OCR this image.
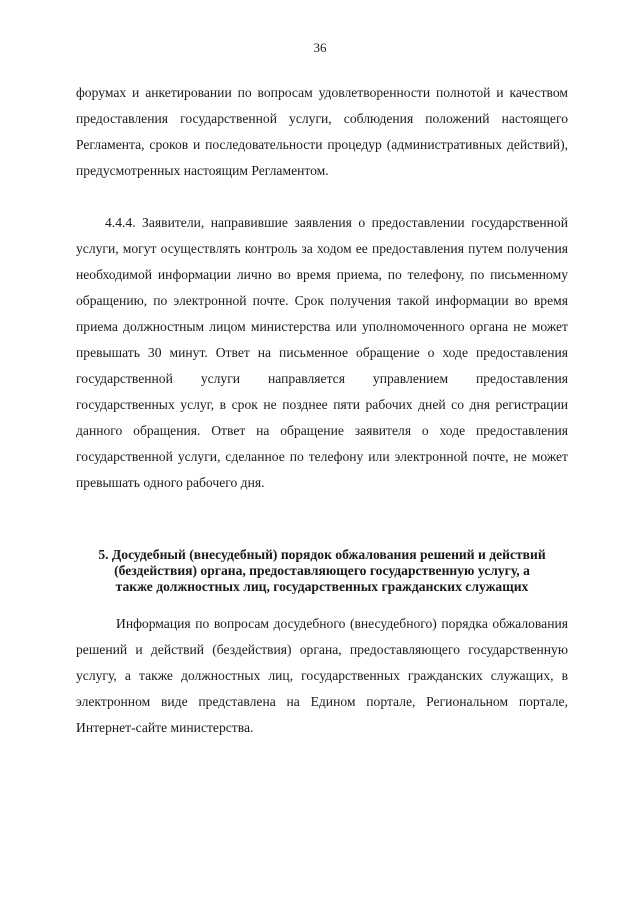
36

форумах и анкетировании по вопросам удовлетворенности полнотой и качеством предоставления государственной услуги, соблюдения положений настоящего Регламента, сроков и последовательности процедур (административных действий), предусмотренных настоящим Регламентом.

4.4.4. Заявители, направившие заявления о предоставлении государственной услуги, могут осуществлять контроль за ходом ее предоставления путем получения необходимой информации лично во время приема, по телефону, по письменному обращению, по электронной почте. Срок получения такой информации во время приема должностным лицом министерства или уполномоченного органа не может превышать 30 минут. Ответ на письменное обращение о ходе предоставления государственной услуги направляется управлением предоставления государственных услуг, в срок не позднее пяти рабочих дней со дня регистрации данного обращения. Ответ на обращение заявителя о ходе предоставления государственной услуги, сделанное по телефону или электронной почте, не может превышать одного рабочего дня.

5. Досудебный (внесудебный) порядок обжалования решений и действий (бездействия) органа, предоставляющего государственную услугу, а также должностных лиц, государственных гражданских служащих

Информация по вопросам досудебного (внесудебного) порядка обжалования решений и действий (бездействия) органа, предоставляющего государственную услугу, а также должностных лиц, государственных гражданских служащих, в электронном виде представлена на Едином портале, Региональном портале, Интернет-сайте министерства.
